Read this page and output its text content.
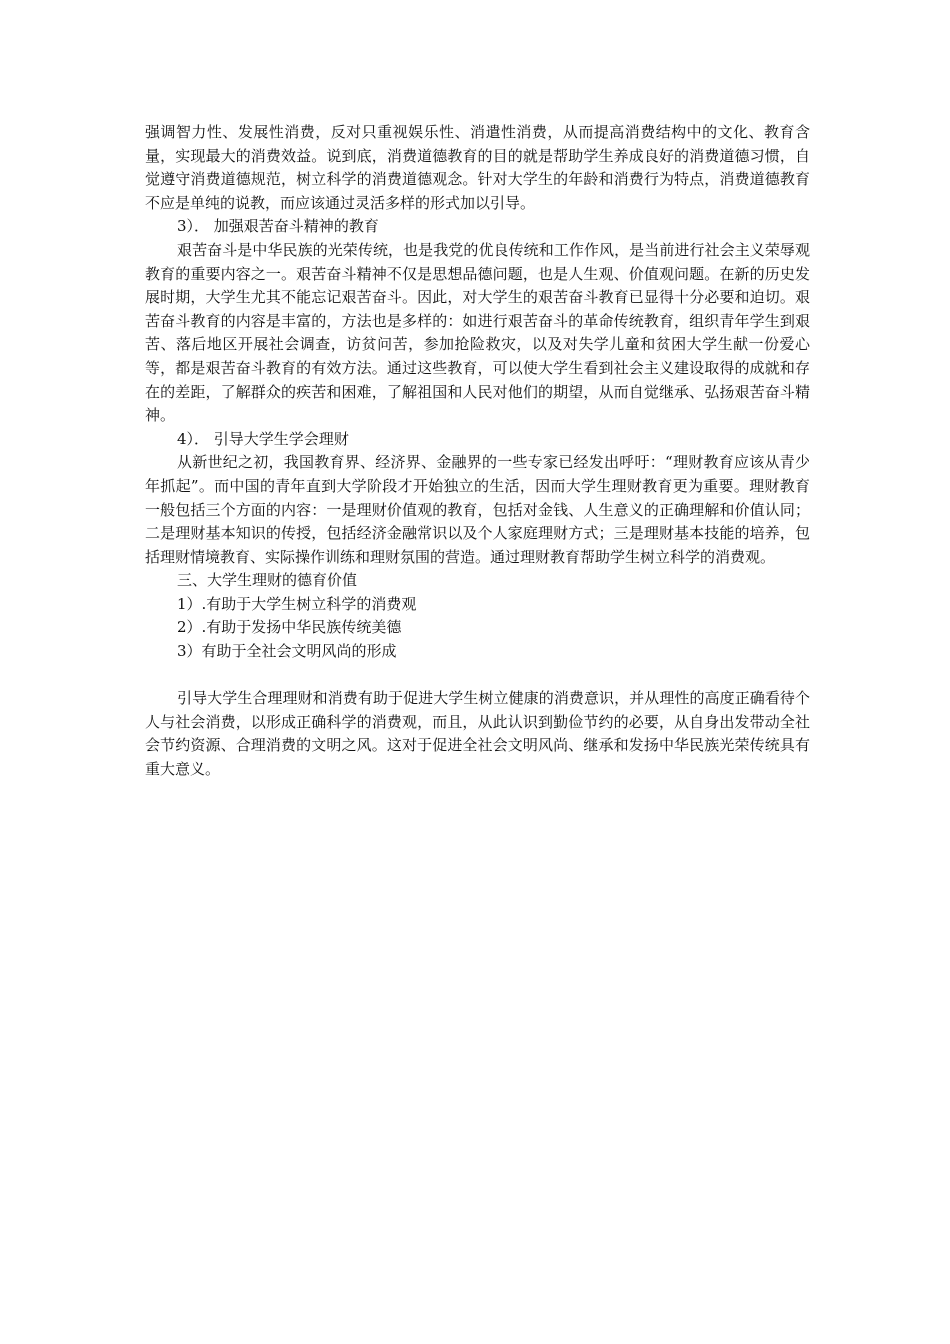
强调智力性、发展性消费，反对只重视娱乐性、消遣性消费，从而提高消费结构中的文化、教育含量，实现最大的消费效益。说到底，消费道德教育的目的就是帮助学生养成良好的消费道德习惯，自觉遵守消费道德规范，树立科学的消费道德观念。针对大学生的年龄和消费行为特点，消费道德教育不应是单纯的说教，而应该通过灵活多样的形式加以引导。

3）． 加强艰苦奋斗精神的教育

艰苦奋斗是中华民族的光荣传统，也是我党的优良传统和工作作风，是当前进行社会主义荣辱观教育的重要内容之一。艰苦奋斗精神不仅是思想品德问题，也是人生观、价值观问题。在新的历史发展时期，大学生尤其不能忘记艰苦奋斗。因此，对大学生的艰苦奋斗教育已显得十分必要和迫切。艰苦奋斗教育的内容是丰富的，方法也是多样的：如进行艰苦奋斗的革命传统教育，组织青年学生到艰苦、落后地区开展社会调查，访贫问苦，参加抢险救灾，以及对失学儿童和贫困大学生献一份爱心等，都是艰苦奋斗教育的有效方法。通过这些教育，可以使大学生看到社会主义建设取得的成就和存在的差距，了解群众的疾苦和困难，了解祖国和人民对他们的期望，从而自觉继承、弘扬艰苦奋斗精神。

4）． 引导大学生学会理财

从新世纪之初，我国教育界、经济界、金融界的一些专家已经发出呼吁：“理财教育应该从青少年抓起”。而中国的青年直到大学阶段才开始独立的生活，因而大学生理财教育更为重要。理财教育一般包括三个方面的内容：一是理财价值观的教育，包括对金钱、人生意义的正确理解和价值认同；二是理财基本知识的传授，包括经济金融常识以及个人家庭理财方式；三是理财基本技能的培养，包括理财情境教育、实际操作训练和理财氛围的营造。通过理财教育帮助学生树立科学的消费观。

三、大学生理财的德育价值

1）.有助于大学生树立科学的消费观

2）.有助于发扬中华民族传统美德

3）有助于全社会文明风尚的形成

引导大学生合理理财和消费有助于促进大学生树立健康的消费意识，并从理性的高度正确看待个人与社会消费，以形成正确科学的消费观，而且，从此认识到勤俭节约的必要，从自身出发带动全社会节约资源、合理消费的文明之风。这对于促进全社会文明风尚、继承和发扬中华民族光荣传统具有重大意义。
